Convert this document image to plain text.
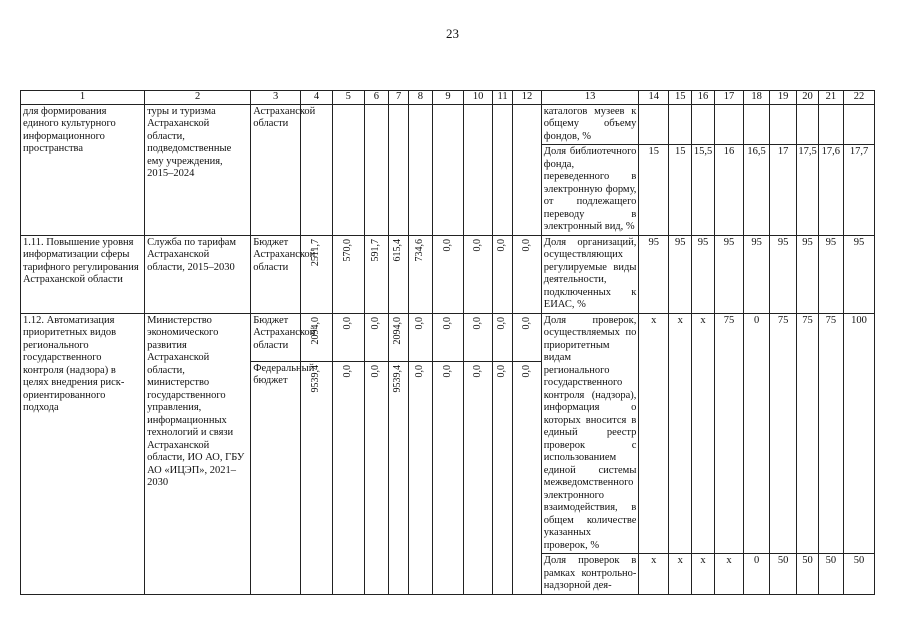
23
1	2	3	4	5	6	7	8	9	10	11	12	13	14	15	16	17	18	19	20	21	22
для формирования единого культурного информационного пространства	туры и туризма Астраханской области, подведомственные ему учреждения, 2015–2024	Астраханской области										каталогов музеев к общему объему фондов, %									
												Доля библиотечного фонда, переведенного в электронную форму, от подлежащего переводу в электронный вид, %	15	15	15,5	16	16,5	17	17,5	17,6	17,7
1.11. Повышение уровня информатизации сферы тарифного регулирования Астраханской области	Служба по тарифам Астраханской области, 2015–2030	Бюджет Астраханской области	2511,7	570,0	591,7	615,4	734,6	0,0	0,0	0,0	0,0	Доля организаций, осуществляющих регулируемые виды деятельности, подключенных к ЕИАС, %	95	95	95	95	95	95	95	95	95
1.12. Автоматизация приоритетных видов регионального государственного контроля (надзора) в целях внедрения риск-ориентированного подхода	Министерство экономического развития Астраханской области, министерство государственного управления, информационных технологий и связи Астраханской области, ИО АО, ГБУ АО «ИЦЭП», 2021–2030	Бюджет Астраханской области	2094,0	0,0	0,0	2094,0	0,0	0,0	0,0	0,0	0,0	Доля проверок, осуществляемых по приоритетным видам регионального государственного контроля (надзора), информация о которых вносится в единый реестр проверок с использованием единой системы межведомственного электронного взаимодействия, в общем количестве указанных проверок, %	x	x	x	75	0	75	75	75	100
		Федеральный бюджет	9539,4	0,0	0,0	9539,4	0,0	0,0	0,0	0,0	0,0										

												Доля проверок в рамках контрольно-надзорной дея-	x	x	x	x	0	50	50	50	50
